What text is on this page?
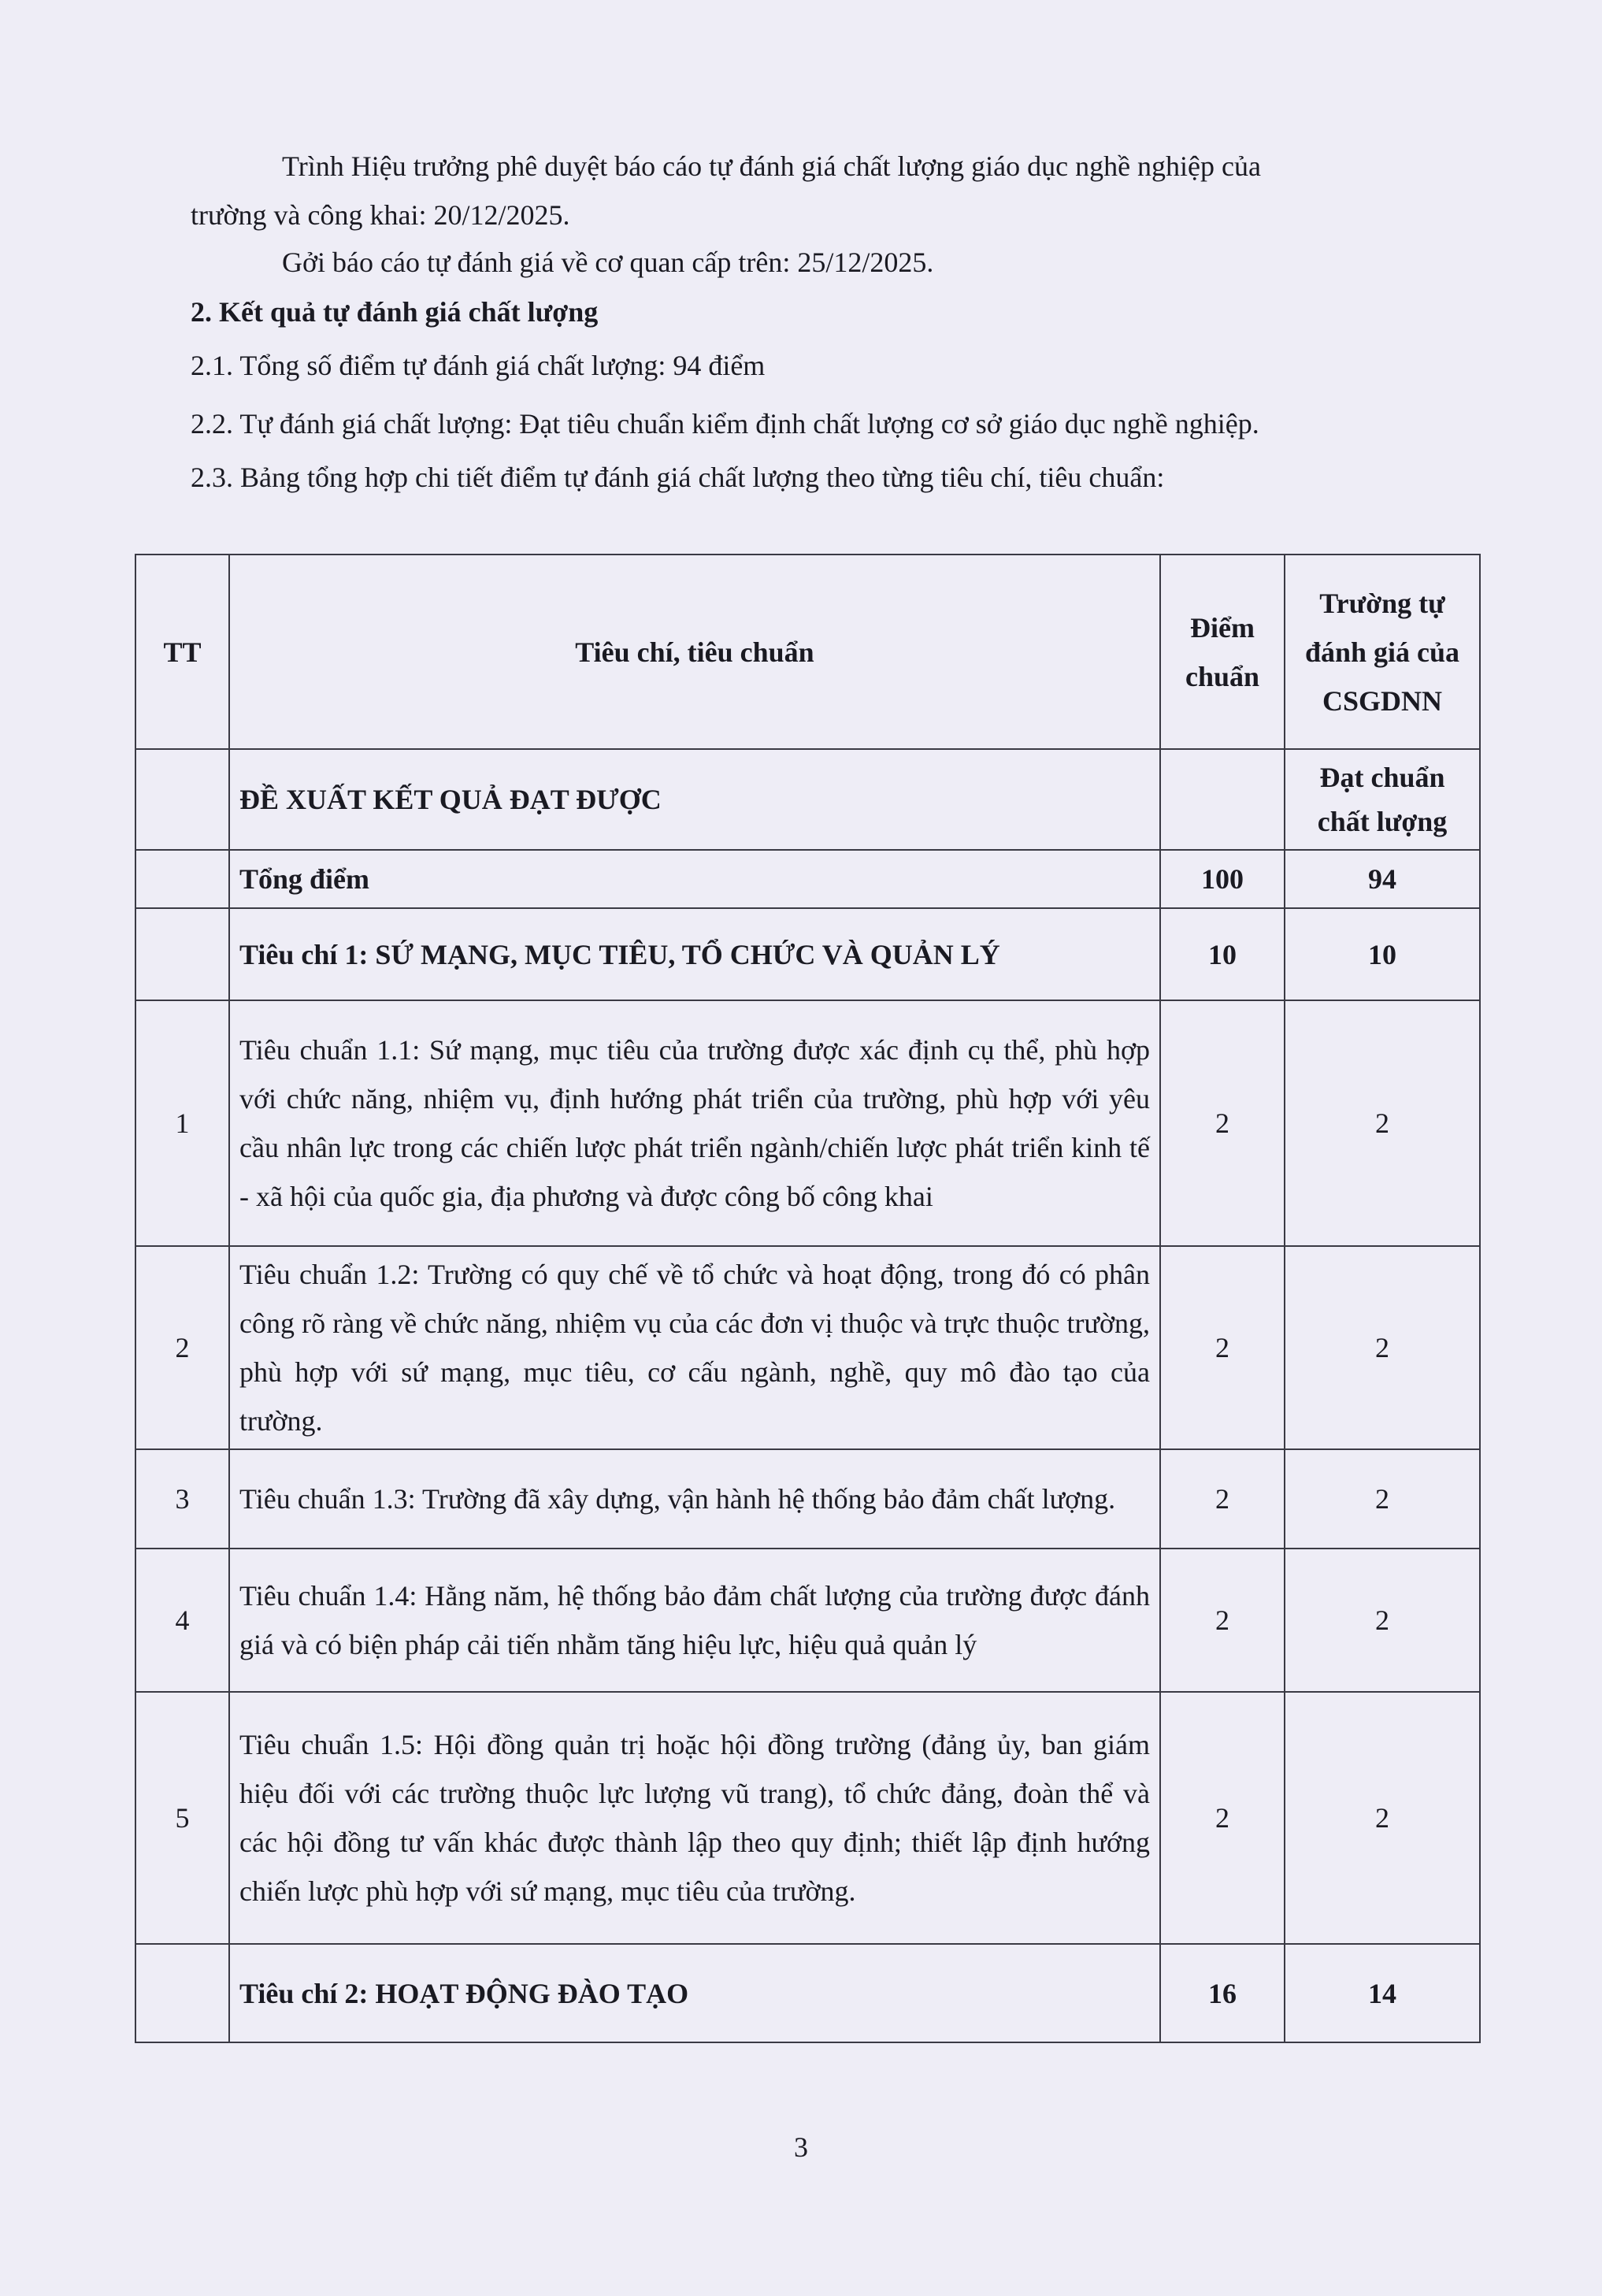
Trình Hiệu trưởng phê duyệt báo cáo tự đánh giá chất lượng giáo dục nghề nghiệp của
trường và công khai: 20/12/2025.
Gởi báo cáo tự đánh giá về cơ quan cấp trên: 25/12/2025.
2. Kết quả tự đánh giá chất lượng
2.1. Tổng số điểm tự đánh giá chất lượng: 94 điểm
2.2. Tự đánh giá chất lượng: Đạt tiêu chuẩn kiểm định chất lượng cơ sở giáo dục nghề nghiệp.
2.3. Bảng tổng hợp chi tiết điểm tự đánh giá chất lượng theo từng tiêu chí, tiêu chuẩn:
TT	Tiêu chí, tiêu chuẩn	Điểm chuẩn	Trường tự đánh giá của CSGDNN
	ĐỀ XUẤT KẾT QUẢ ĐẠT ĐƯỢC		Đạt chuẩn chất lượng
	Tổng điểm	100	94
	Tiêu chí 1: SỨ MẠNG, MỤC TIÊU, TỔ CHỨC VÀ QUẢN LÝ	10	10
1	Tiêu chuẩn 1.1: Sứ mạng, mục tiêu của trường được xác định cụ thể, phù hợp với chức năng, nhiệm vụ, định hướng phát triển của trường, phù hợp với yêu cầu nhân lực trong các chiến lược phát triển ngành/chiến lược phát triển kinh tế - xã hội của quốc gia, địa phương và được công bố công khai	2	2
2	Tiêu chuẩn 1.2: Trường có quy chế về tổ chức và hoạt động, trong đó có phân công rõ ràng về chức năng, nhiệm vụ của các đơn vị thuộc và trực thuộc trường, phù hợp với sứ mạng, mục tiêu, cơ cấu ngành, nghề, quy mô đào tạo của trường.	2	2
3	Tiêu chuẩn 1.3: Trường đã xây dựng, vận hành hệ thống bảo đảm chất lượng.	2	2
4	Tiêu chuẩn 1.4: Hằng năm, hệ thống bảo đảm chất lượng của trường được đánh giá và có biện pháp cải tiến nhằm tăng hiệu lực, hiệu quả quản lý	2	2
5	Tiêu chuẩn 1.5: Hội đồng quản trị hoặc hội đồng trường (đảng ủy, ban giám hiệu đối với các trường thuộc lực lượng vũ trang), tổ chức đảng, đoàn thể và các hội đồng tư vấn khác được thành lập theo quy định; thiết lập định hướng chiến lược phù hợp với sứ mạng, mục tiêu của trường.	2	2
	Tiêu chí 2: HOẠT ĐỘNG ĐÀO TẠO	16	14
3
